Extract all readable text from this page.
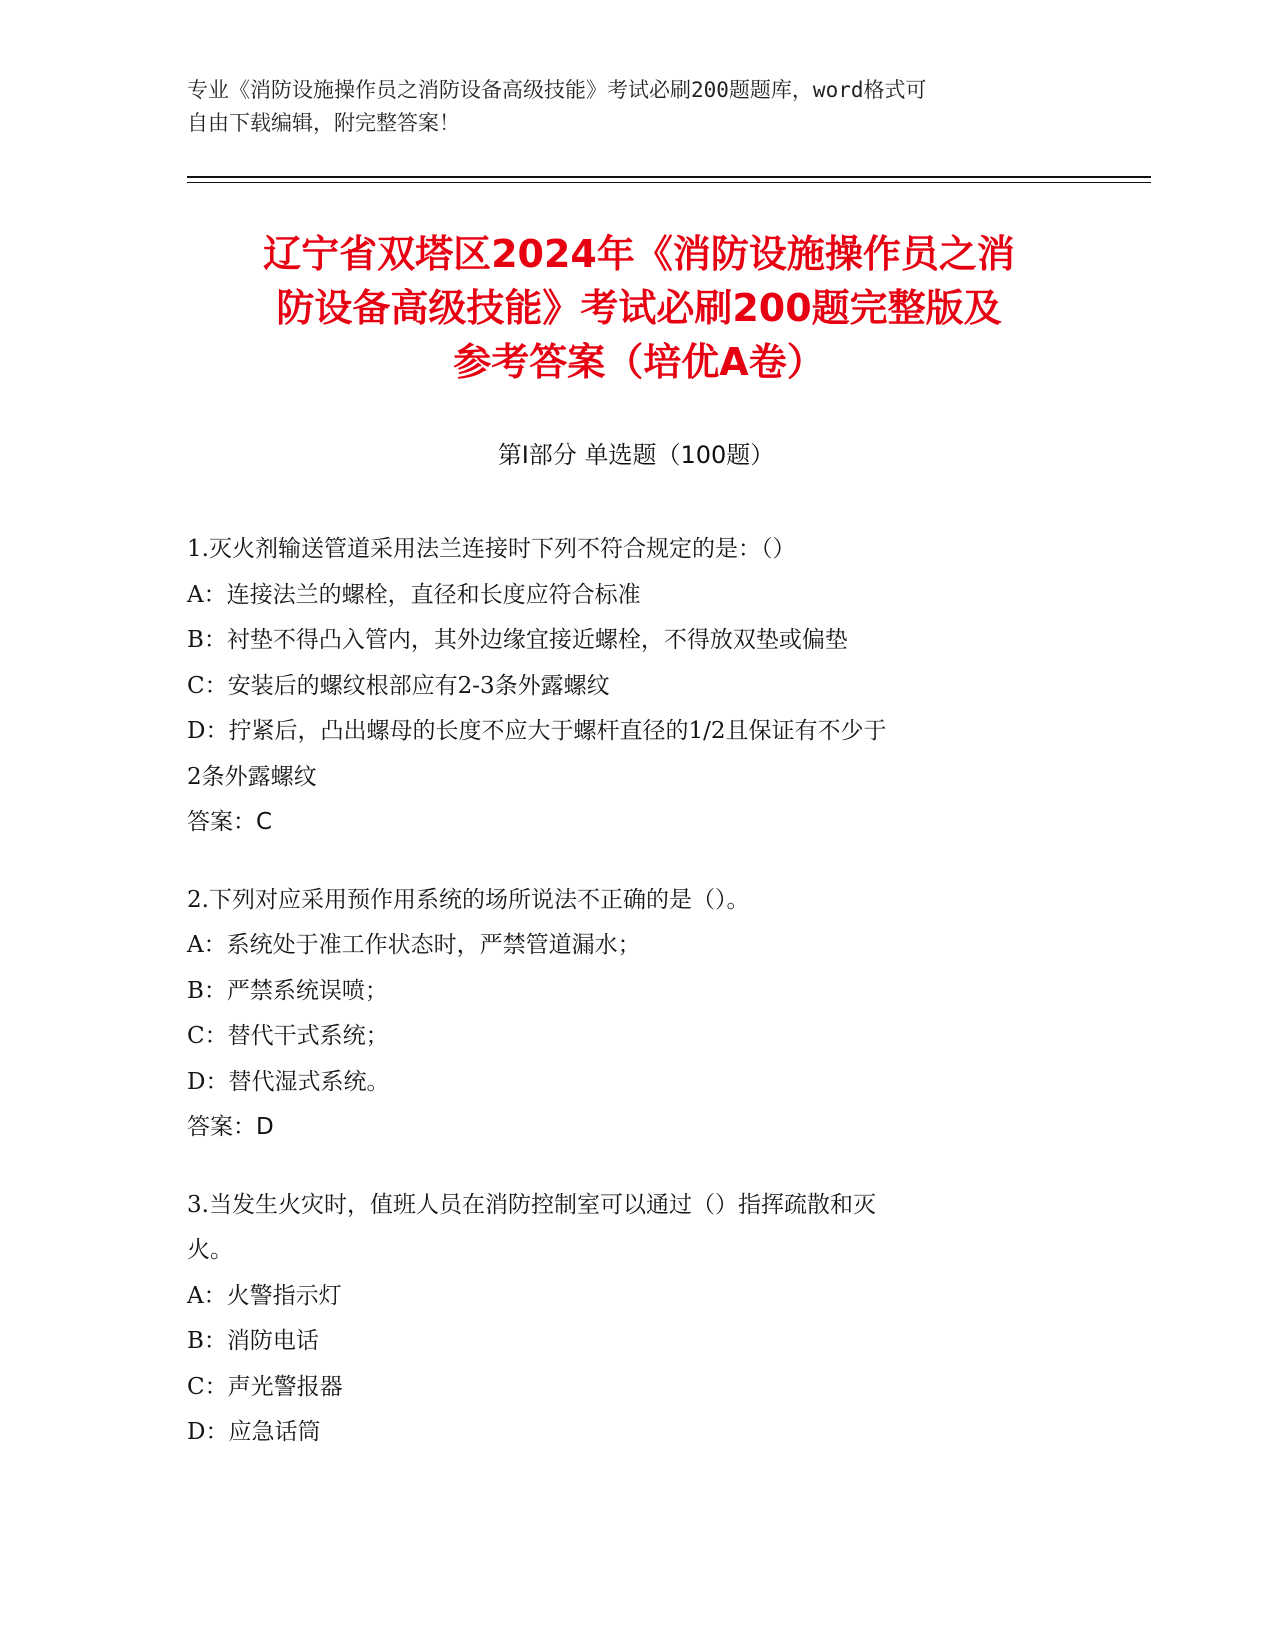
专业《消防设施操作员之消防设备高级技能》考试必刷200题题库，word格式可
自由下载编辑，附完整答案！
辽宁省双塔区2024年《消防设施操作员之消
防设备高级技能》考试必刷200题完整版及
参考答案（培优A卷）
第I部分 单选题（100题）
1.灭火剂输送管道采用法兰连接时下列不符合规定的是：（）
A：连接法兰的螺栓，直径和长度应符合标准
B：衬垫不得凸入管内，其外边缘宜接近螺栓，不得放双垫或偏垫
C：安装后的螺纹根部应有2-3条外露螺纹
D：拧紧后，凸出螺母的长度不应大于螺杆直径的1/2且保证有不少于
2条外露螺纹
答案：C
2.下列对应采用预作用系统的场所说法不正确的是（）。
A：系统处于准工作状态时，严禁管道漏水；
B：严禁系统误喷；
C：替代干式系统；
D：替代湿式系统。
答案：D
3.当发生火灾时，值班人员在消防控制室可以通过（）指挥疏散和灭
火。
A：火警指示灯
B：消防电话
C：声光警报器
D：应急话筒
